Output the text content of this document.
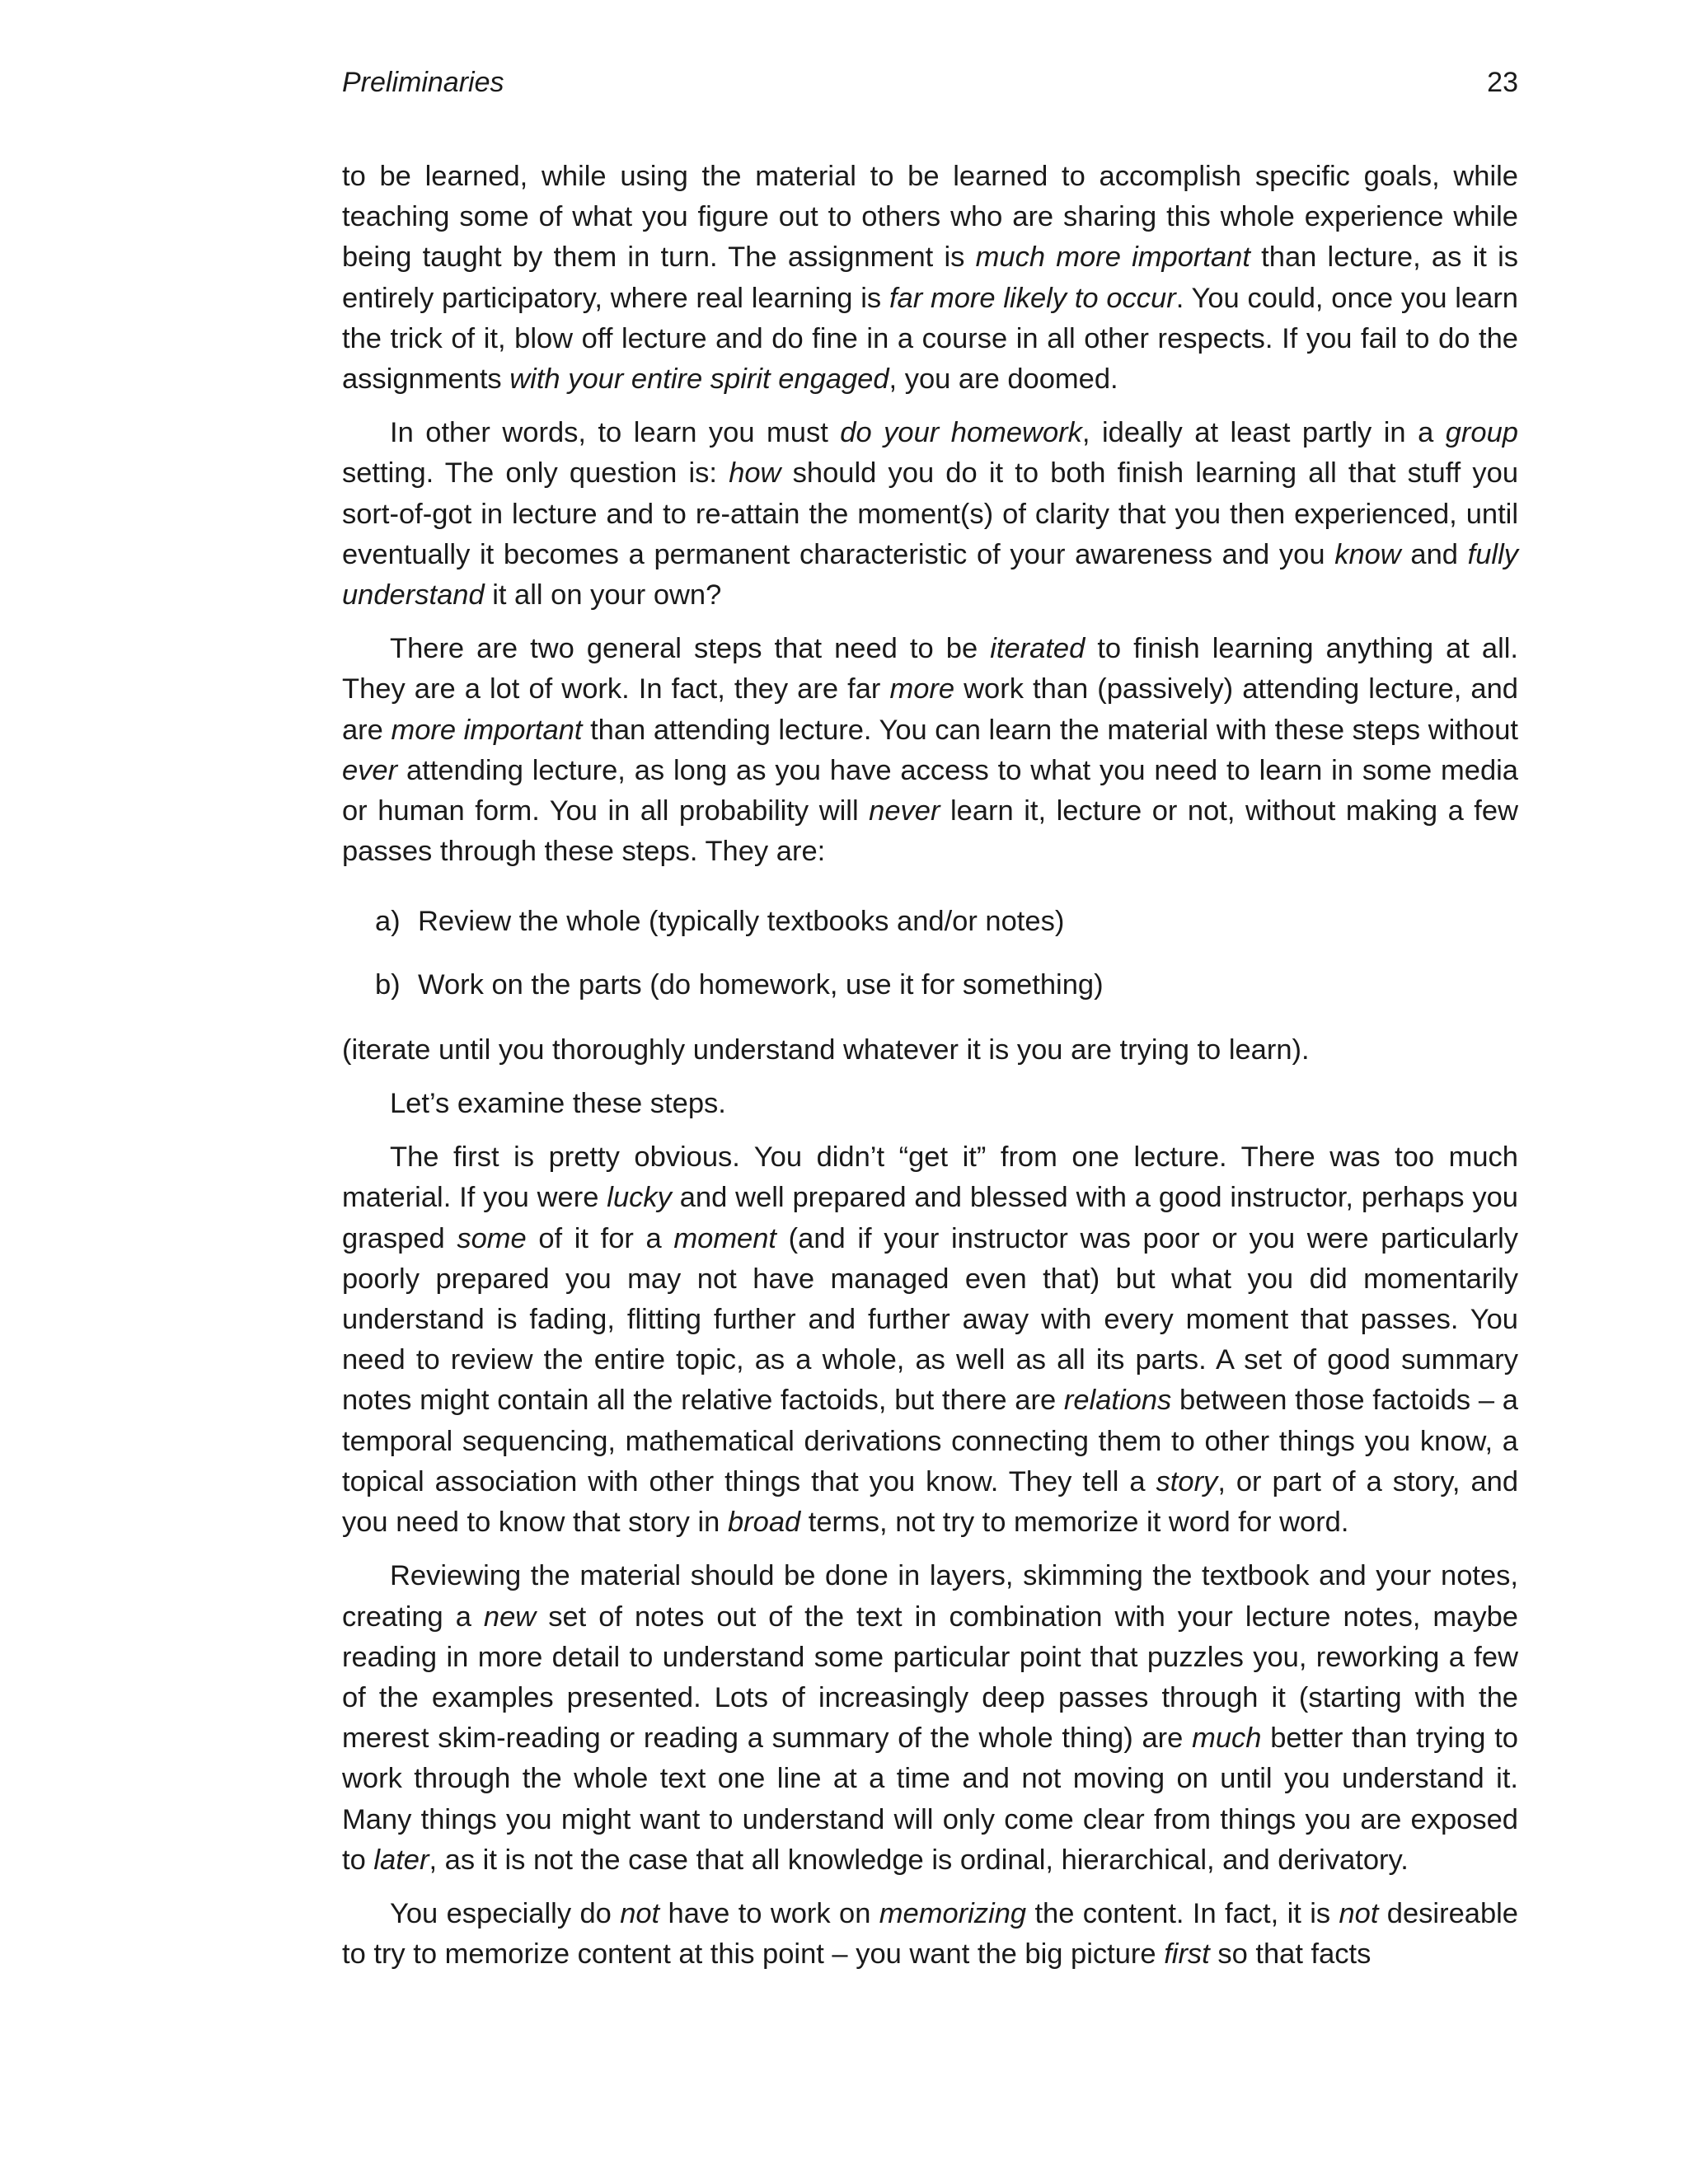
Preliminaries	23

to be learned, while using the material to be learned to accomplish specific goals, while teaching some of what you figure out to others who are sharing this whole experience while being taught by them in turn. The assignment is much more important than lecture, as it is entirely participatory, where real learning is far more likely to occur. You could, once you learn the trick of it, blow off lecture and do fine in a course in all other respects. If you fail to do the assignments with your entire spirit engaged, you are doomed.

In other words, to learn you must do your homework, ideally at least partly in a group setting. The only question is: how should you do it to both finish learning all that stuff you sort-of-got in lecture and to re-attain the moment(s) of clarity that you then experienced, until eventually it becomes a permanent characteristic of your awareness and you know and fully understand it all on your own?

There are two general steps that need to be iterated to finish learning anything at all. They are a lot of work. In fact, they are far more work than (passively) attending lecture, and are more important than attending lecture. You can learn the material with these steps without ever attending lecture, as long as you have access to what you need to learn in some media or human form. You in all probability will never learn it, lecture or not, without making a few passes through these steps. They are:

a) Review the whole (typically textbooks and/or notes)
b) Work on the parts (do homework, use it for something)

(iterate until you thoroughly understand whatever it is you are trying to learn).

Let’s examine these steps.

The first is pretty obvious. You didn’t “get it” from one lecture. There was too much material. If you were lucky and well prepared and blessed with a good instructor, perhaps you grasped some of it for a moment (and if your instructor was poor or you were particularly poorly prepared you may not have managed even that) but what you did momentarily understand is fading, flitting further and further away with every moment that passes. You need to review the entire topic, as a whole, as well as all its parts. A set of good summary notes might contain all the relative factoids, but there are relations between those factoids – a temporal sequencing, mathematical derivations connecting them to other things you know, a topical association with other things that you know. They tell a story, or part of a story, and you need to know that story in broad terms, not try to memorize it word for word.

Reviewing the material should be done in layers, skimming the textbook and your notes, creating a new set of notes out of the text in combination with your lecture notes, maybe reading in more detail to understand some particular point that puzzles you, reworking a few of the examples presented. Lots of increasingly deep passes through it (starting with the merest skim-reading or reading a summary of the whole thing) are much better than trying to work through the whole text one line at a time and not moving on until you understand it. Many things you might want to understand will only come clear from things you are exposed to later, as it is not the case that all knowledge is ordinal, hierarchical, and derivatory.

You especially do not have to work on memorizing the content. In fact, it is not desireable to try to memorize content at this point – you want the big picture first so that facts
